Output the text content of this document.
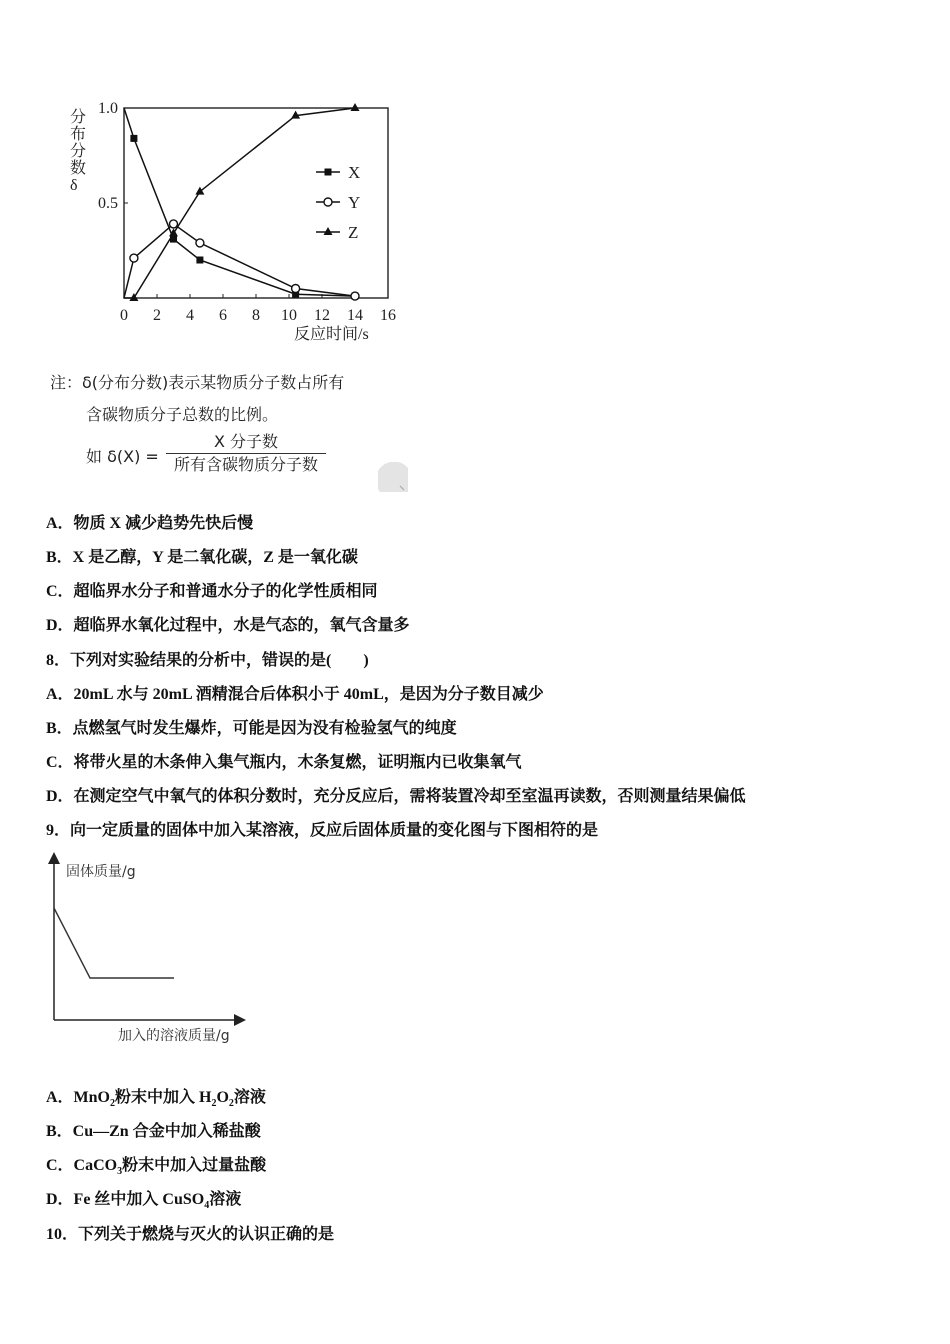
0 2 4 6 8 10 12 14 16
0.5
1.0
分布分数 δ
反应时间/s
X
Y
Z
注：δ(分布分数)表示某物质分子数占所有
含碳物质分子总数的比例。
如 δ(X) =
X 分子数
所有含碳物质分子数
A．物质 X 减少趋势先快后慢
B．X 是乙醇，Y 是二氧化碳，Z 是一氧化碳
C．超临界水分子和普通水分子的化学性质相同
D．超临界水氧化过程中，水是气态的，氧气含量多
8．下列对实验结果的分析中，错误的是(　　)
A．20mL 水与 20mL 酒精混合后体积小于 40mL，是因为分子数目减少
B．点燃氢气时发生爆炸，可能是因为没有检验氢气的纯度
C．将带火星的木条伸入集气瓶内，木条复燃，证明瓶内已收集氧气
D．在测定空气中氧气的体积分数时，充分反应后，需将装置冷却至室温再读数，否则测量结果偏低
9．向一定质量的固体中加入某溶液，反应后固体质量的变化图与下图相符的是
固体质量/g
加入的溶液质量/g
A．MnO$_2$粉末中加入 $H_2O_2$溶液
B．Cu—Zn 合金中加入稀盐酸
C．CaCO$_3$粉末中加入过量盐酸
D．Fe 丝中加入 CuSO$_4$溶液
10．下列关于燃烧与灭火的认识正确的是
